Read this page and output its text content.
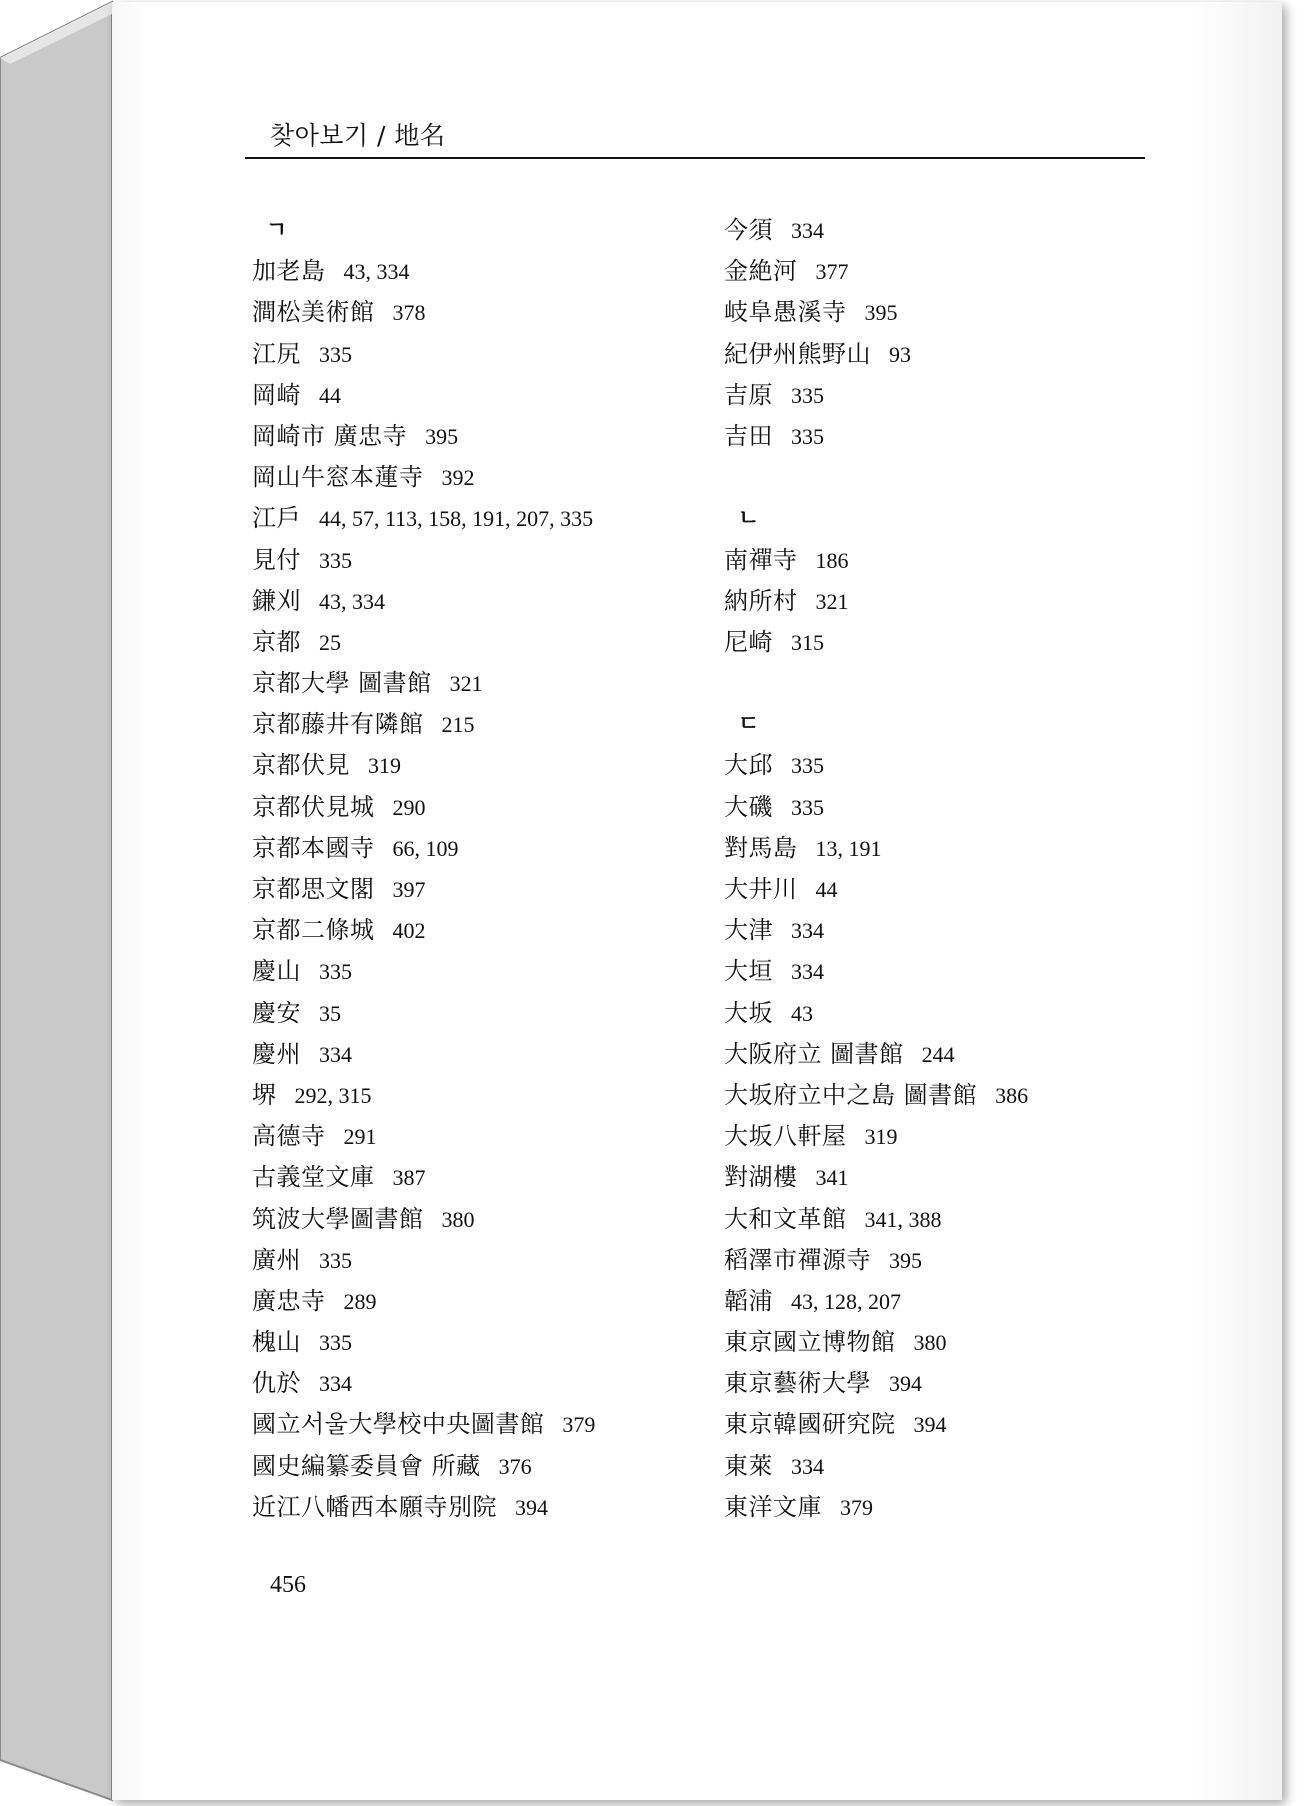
찾아보기 / 地名
ㄱ
加老島 43, 334
澗松美術館 378
江尻 335
岡崎 44
岡崎市 廣忠寺 395
岡山牛窓本蓮寺 392
江戶 44, 57, 113, 158, 191, 207, 335
見付 335
鎌刈 43, 334
京都 25
京都大學 圖書館 321
京都藤井有隣館 215
京都伏見 319
京都伏見城 290
京都本國寺 66, 109
京都思文閣 397
京都二條城 402
慶山 335
慶安 35
慶州 334
堺 292, 315
高德寺 291
古義堂文庫 387
筑波大學圖書館 380
廣州 335
廣忠寺 289
槐山 335
仇於 334
國立서울大學校中央圖書館 379
國史編纂委員會 所藏 376
近江八幡西本願寺別院 394
今須 334
金絶河 377
岐阜愚溪寺 395
紀伊州熊野山 93
吉原 335
吉田 335
ㄴ
南禪寺 186
納所村 321
尼崎 315
ㄷ
大邱 335
大磯 335
對馬島 13, 191
大井川 44
大津 334
大垣 334
大坂 43
大阪府立 圖書館 244
大坂府立中之島 圖書館 386
大坂八軒屋 319
對湖樓 341
大和文革館 341, 388
稻澤市禪源寺 395
韜浦 43, 128, 207
東京國立博物館 380
東京藝術大學 394
東京韓國研究院 394
東萊 334
東洋文庫 379
456
